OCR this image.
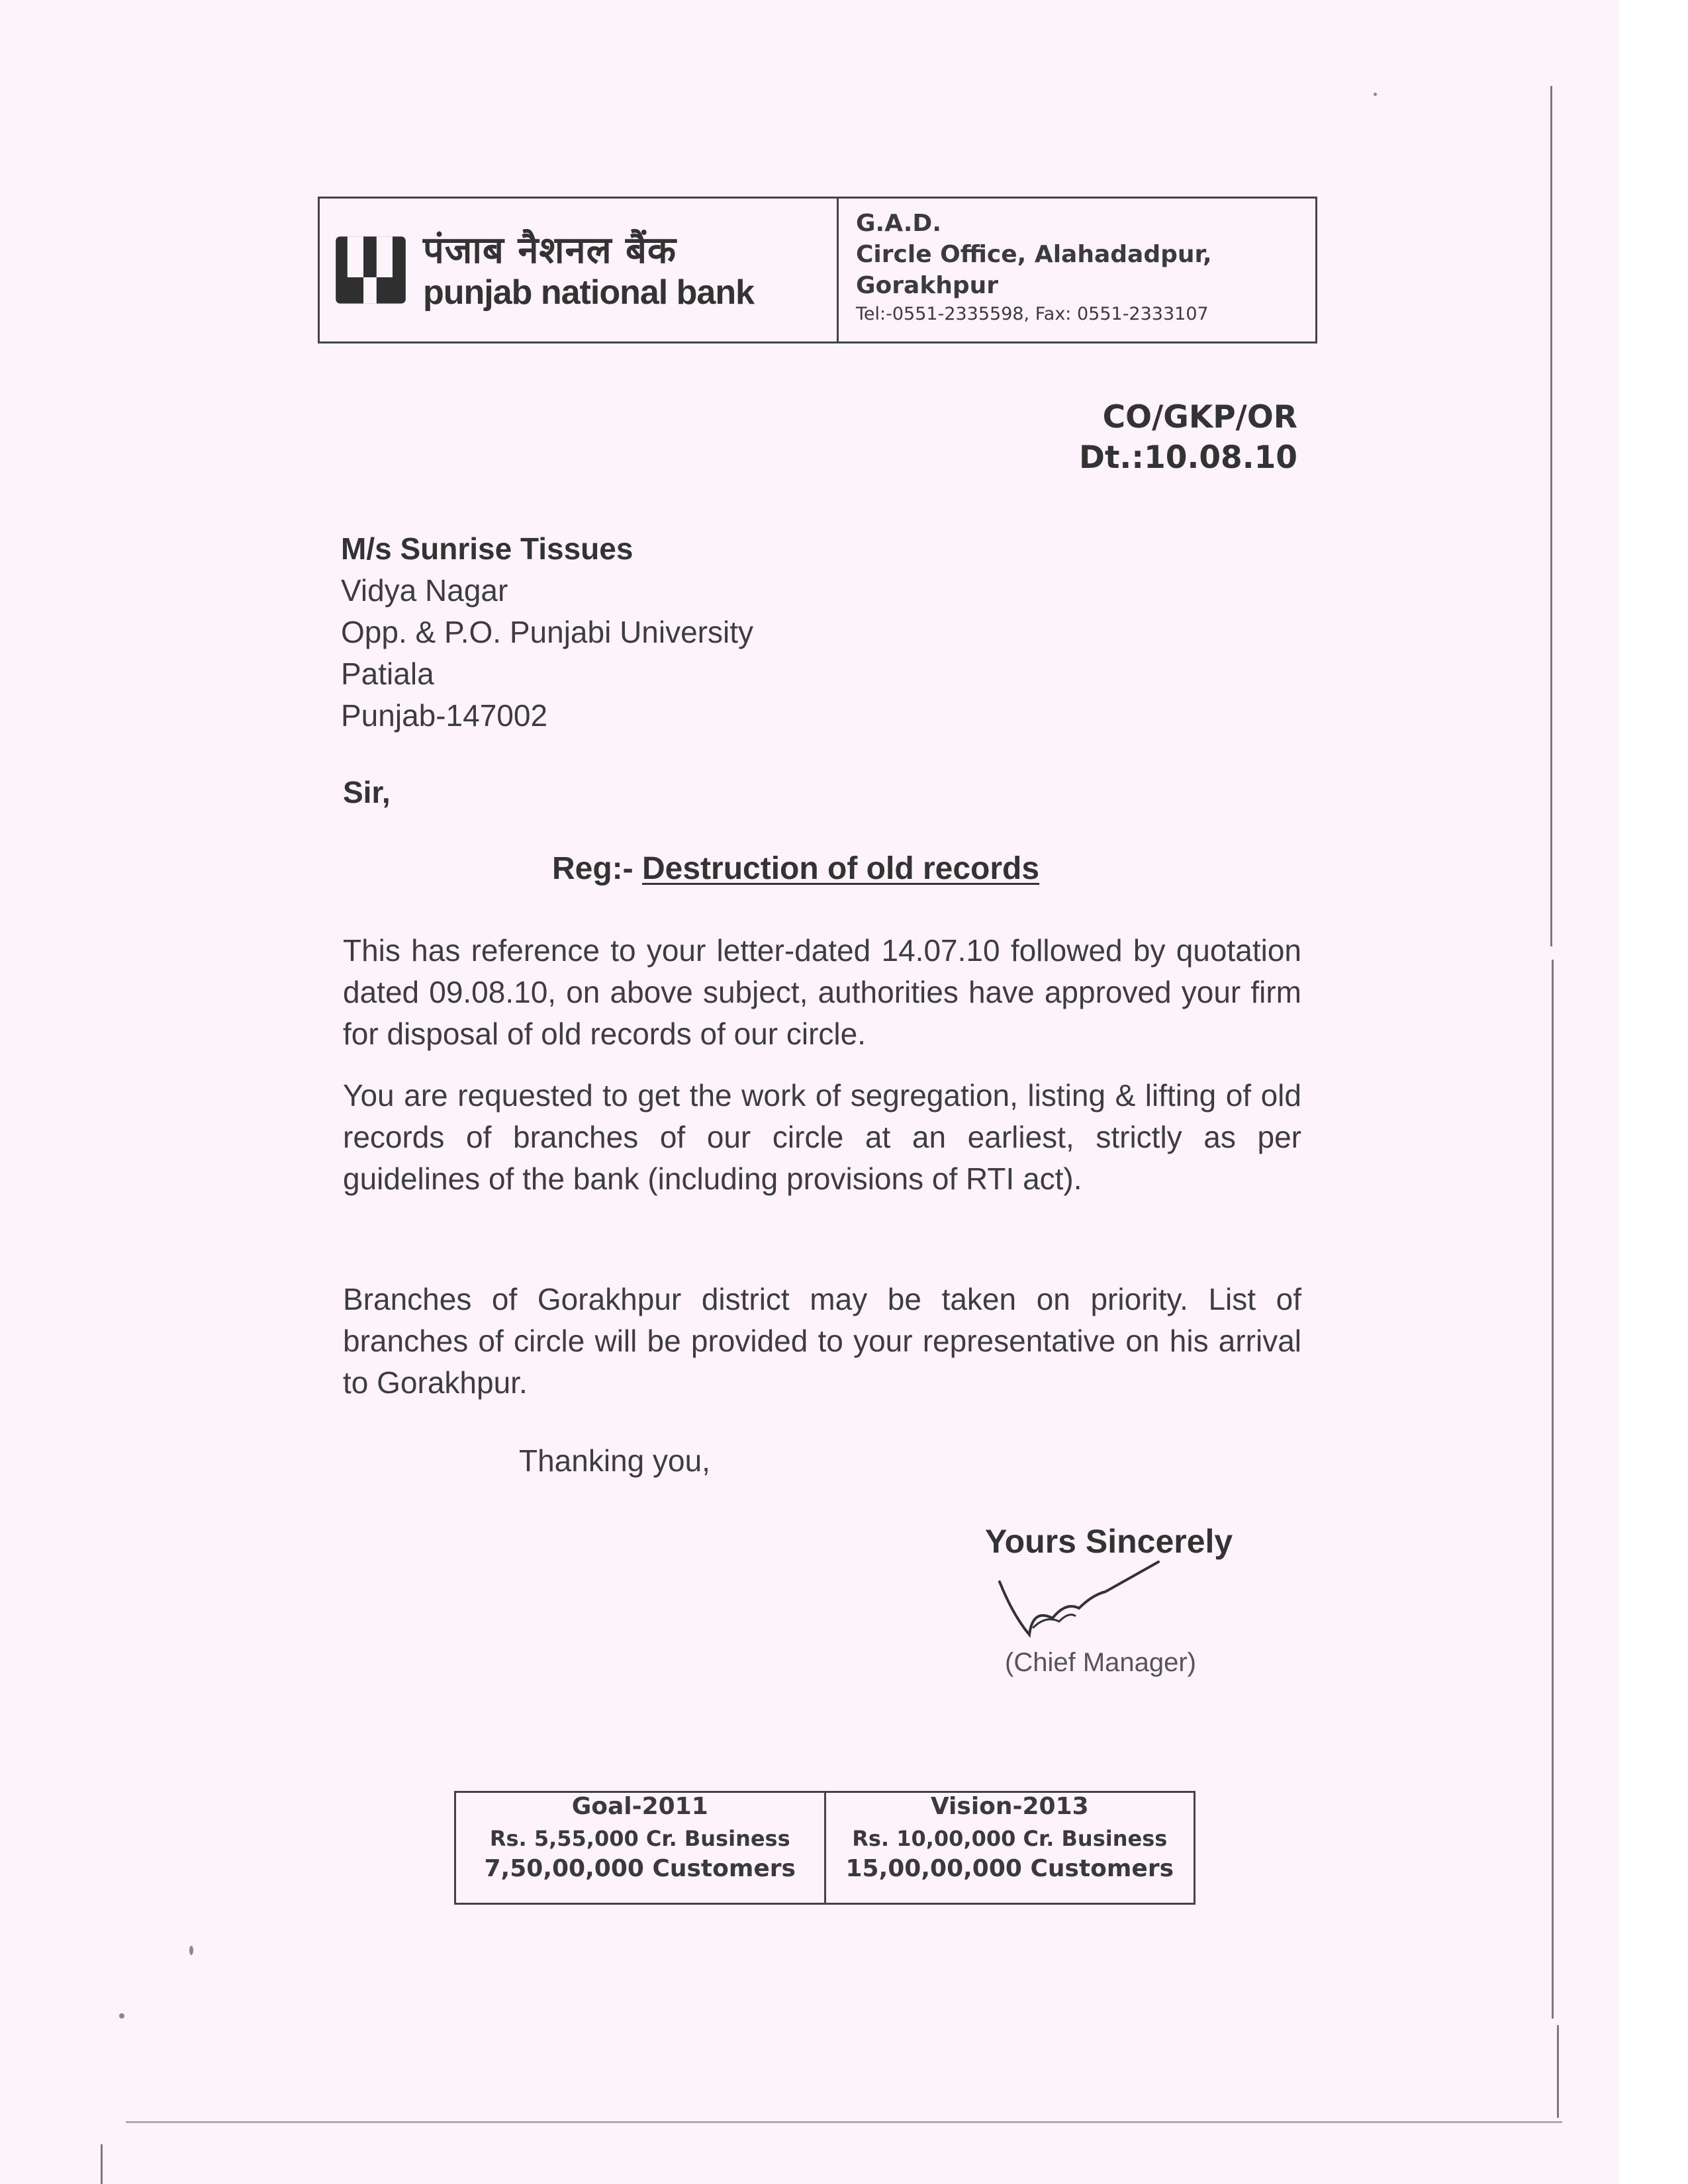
पंजाब नैशनल बैंक
punjab national bank
G.A.D.
Circle Office, Alahadadpur,
Gorakhpur
Tel:-0551-2335598, Fax: 0551-2333107
CO/GKP/OR
Dt.:10.08.10
M/s Sunrise Tissues
Vidya Nagar
Opp. & P.O. Punjabi University
Patiala
Punjab-147002
Sir,
Reg:- Destruction of old records
This has reference to your letter-dated 14.07.10 followed by quotation dated 09.08.10, on above subject, authorities have approved your firm for disposal of old records of our circle.
You are requested to get the work of segregation, listing & lifting of old records of branches of our circle at an earliest, strictly as per guidelines of the bank (including provisions of RTI act).
Branches of Gorakhpur district may be taken on priority. List of branches of circle will be provided to your representative on his arrival to Gorakhpur.
Thanking you,
Yours Sincerely
(Chief Manager)
Goal-2011
Rs. 5,55,000 Cr. Business
7,50,00,000 Customers
Vision-2013
Rs. 10,00,000 Cr. Business
15,00,00,000 Customers
